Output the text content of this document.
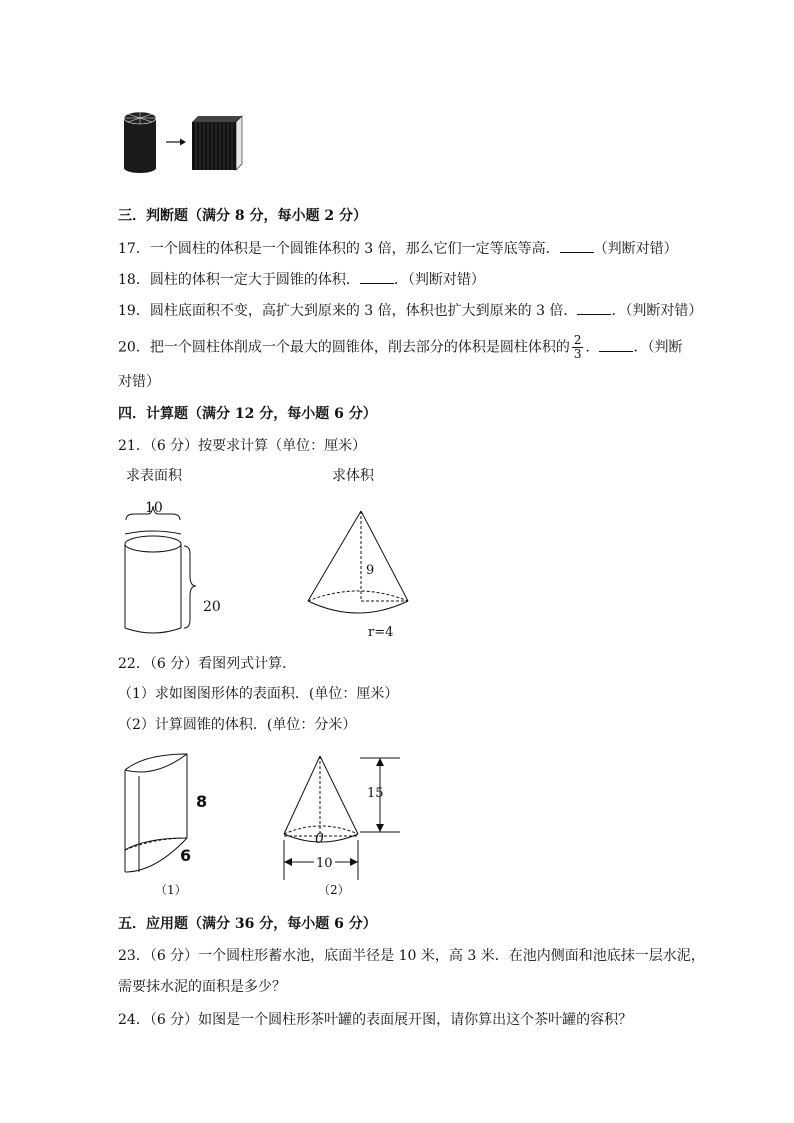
三．判断题（满分 8 分，每小题 2 分）
17．一个圆柱的体积是一个圆锥体积的 3 倍，那么它们一定等底等高． （判断对错）
18．圆柱的体积一定大于圆锥的体积． ．（判断对错）
19．圆柱底面积不变，高扩大到原来的 3 倍，体积也扩大到原来的 3 倍． ．（判断对错）
20．把一个圆柱体削成一个最大的圆锥体，削去部分的体积是圆柱体积的 $\frac{2}{3}$ ． ．（判断
对错）
四．计算题（满分 12 分，每小题 6 分）
21．（6 分）按要求计算（单位：厘米）
求表面积	求体积
10
20
9
r=4
22．（6 分）看图列式计算．
（1）求如图图形体的表面积．(单位：厘米）
（2）计算圆锥的体积．(单位：分米）
8
6
（1）
15
10
0
（2）
五．应用题（满分 36 分，每小题 6 分）
23．（6 分）一个圆柱形蓄水池，底面半径是 10 米，高 3 米．在池内侧面和池底抹一层水泥，
需要抹水泥的面积是多少？
24．（6 分）如图是一个圆柱形茶叶罐的表面展开图，请你算出这个茶叶罐的容积？
